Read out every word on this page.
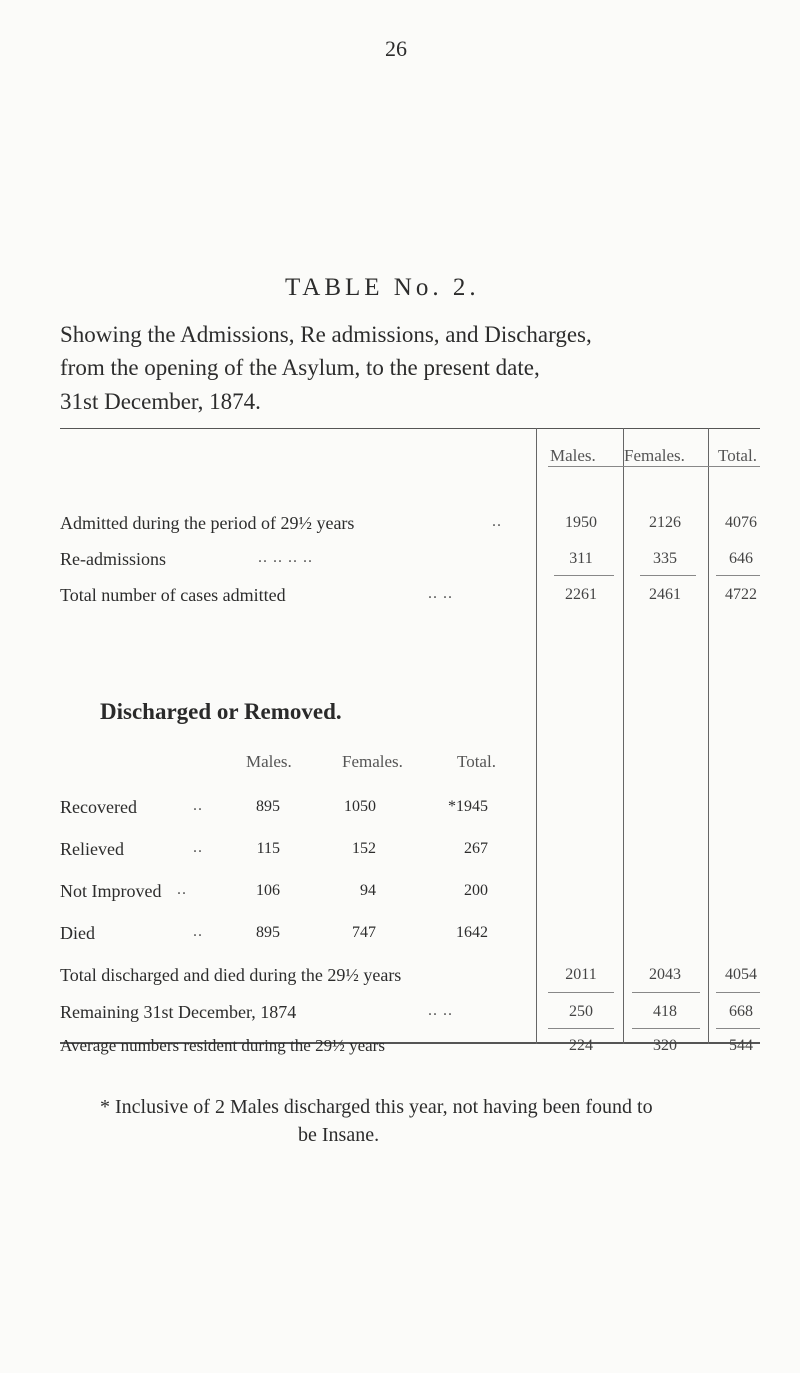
26
TABLE No. 2.
Showing the Admissions, Re admissions, and Discharges,
from the opening of the Asylum, to the present date,
31st December, 1874.
Males. Females. Total.
Admitted during the period of 29½ years	..	1950	2126	4076
Re-admissions	.. .. .. ..	311	335	646
Total number of cases admitted	.. ..	2261	2461	4722
Discharged or Removed.
Males.	Females.	Total.
Recovered	..	895	1050	*1945
Relieved	..	115	152	267
Not Improved ..	106	94	200
Died	..	895	747	1642
Total discharged and died during the 29½ years	2011	2043	4054
Remaining 31st December, 1874	.. ..	250	418	668
Average numbers resident during the 29½ years	224	320	544
* Inclusive of 2 Males discharged this year, not having been found to
be Insane.
